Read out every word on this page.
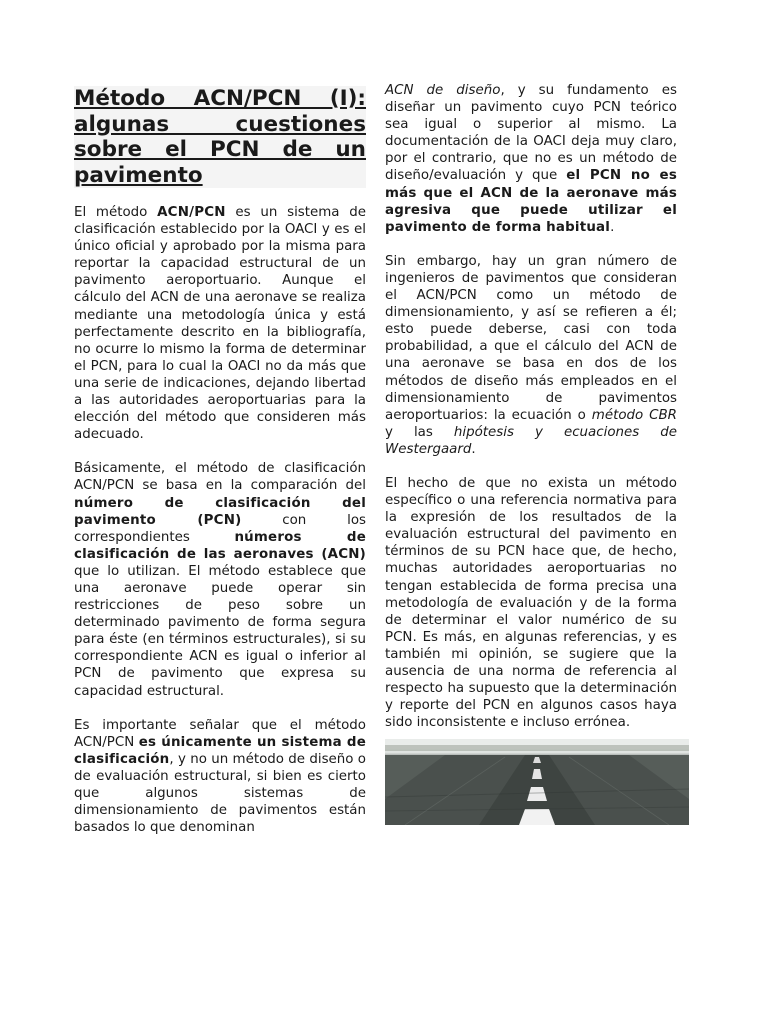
Método ACN/PCN (I): algunas cuestiones sobre el PCN de un pavimento

El método ACN/PCN es un sistema de clasificación establecido por la OACI y es el único oficial y aprobado por la misma para reportar la capacidad estructural de un pavimento aeroportuario. Aunque el cálculo del ACN de una aeronave se realiza mediante una metodología única y está perfectamente descrito en la bibliografía, no ocurre lo mismo la forma de determinar el PCN, para lo cual la OACI no da más que una serie de indicaciones, dejando libertad a las autoridades aeroportuarias para la elección del método que consideren más adecuado.

Básicamente, el método de clasificación ACN/PCN se basa en la comparación del número de clasificación del pavimento (PCN) con los correspondientes números de clasificación de las aeronaves (ACN) que lo utilizan. El método establece que una aeronave puede operar sin restricciones de peso sobre un determinado pavimento de forma segura para éste (en términos estructurales), si su correspondiente ACN es igual o inferior al PCN de pavimento que expresa su capacidad estructural.

Es importante señalar que el método ACN/PCN es únicamente un sistema de clasificación, y no un método de diseño o de evaluación estructural, si bien es cierto que algunos sistemas de dimensionamiento de pavimentos están basados lo que denominan

ACN de diseño, y su fundamento es diseñar un pavimento cuyo PCN teórico sea igual o superior al mismo. La documentación de la OACI deja muy claro, por el contrario, que no es un método de diseño/evaluación y que el PCN no es más que el ACN de la aeronave más agresiva que puede utilizar el pavimento de forma habitual.

Sin embargo, hay un gran número de ingenieros de pavimentos que consideran el ACN/PCN como un método de dimensionamiento, y así se refieren a él; esto puede deberse, casi con toda probabilidad, a que el cálculo del ACN de una aeronave se basa en dos de los métodos de diseño más empleados en el dimensionamiento de pavimentos aeroportuarios: la ecuación o método CBR y las hipótesis y ecuaciones de Westergaard.

El hecho de que no exista un método específico o una referencia normativa para la expresión de los resultados de la evaluación estructural del pavimento en términos de su PCN hace que, de hecho, muchas autoridades aeroportuarias no tengan establecida de forma precisa una metodología de evaluación y de la forma de determinar el valor numérico de su PCN. Es más, en algunas referencias, y es también mi opinión, se sugiere que la ausencia de una norma de referencia al respecto ha supuesto que la determinación y reporte del PCN en algunos casos haya sido inconsistente e incluso errónea.
